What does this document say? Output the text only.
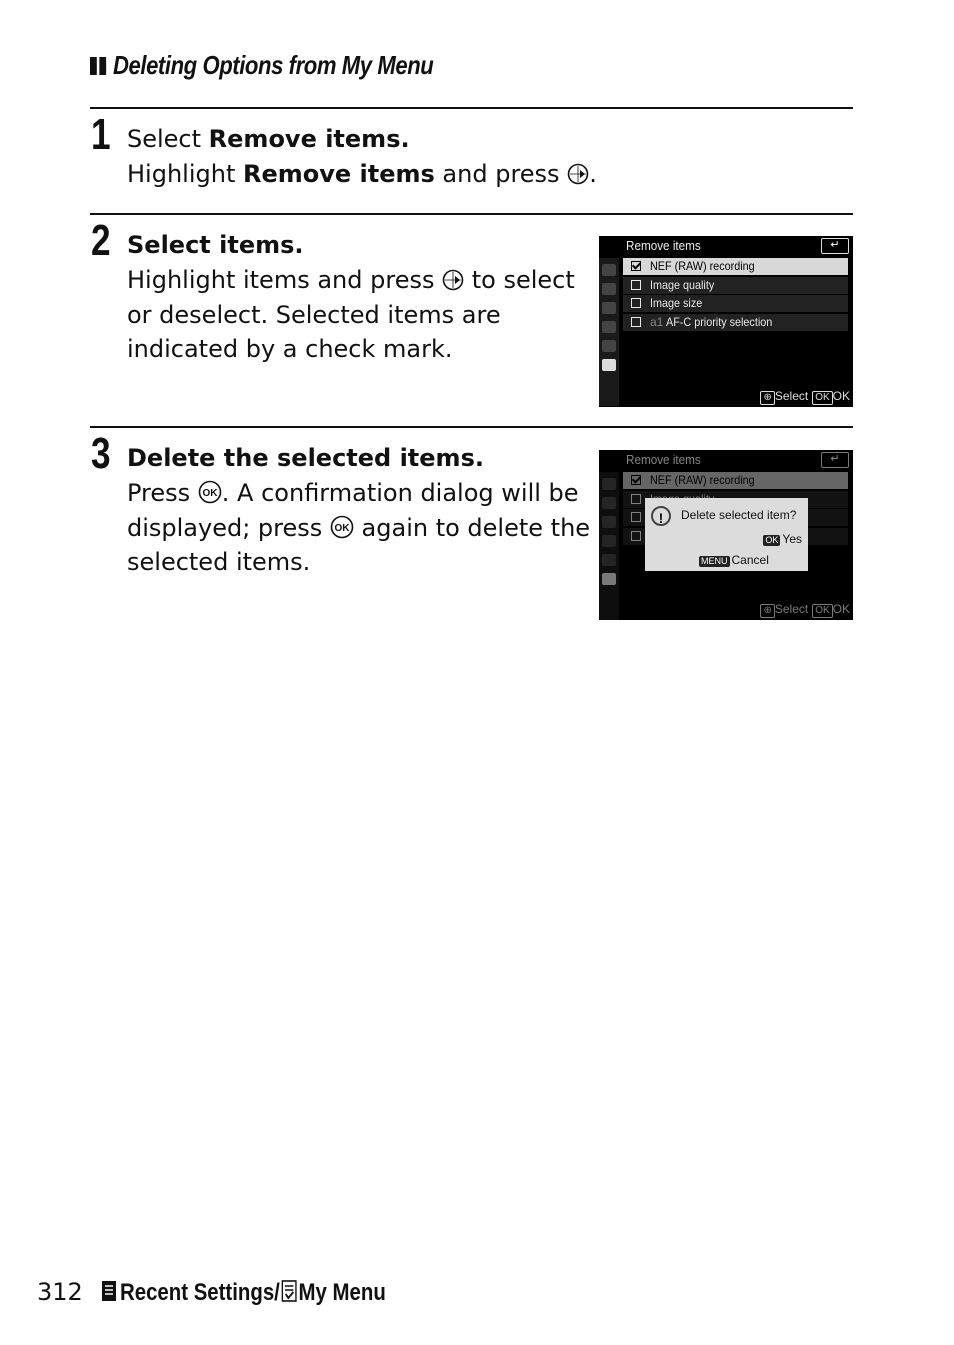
Deleting Options from My Menu
1 Select Remove items.
Highlight Remove items and press .
2 Select items.
Highlight items and press  to select
or deselect. Selected items are
indicated by a check mark.
Remove items	↵
NEF (RAW) recording
Image quality
Image size
a1 AF-C priority selection
⊕ Select OK OK
3 Delete the selected items.
Press OK . A confirmation dialog will be
displayed; press OK again to delete the
selected items.
Remove items	↵
NEF (RAW) recording
⊕ Select OK OK
!	Delete selected item?
OK Yes
MENU Cancel
312 Recent Settings/ My Menu
